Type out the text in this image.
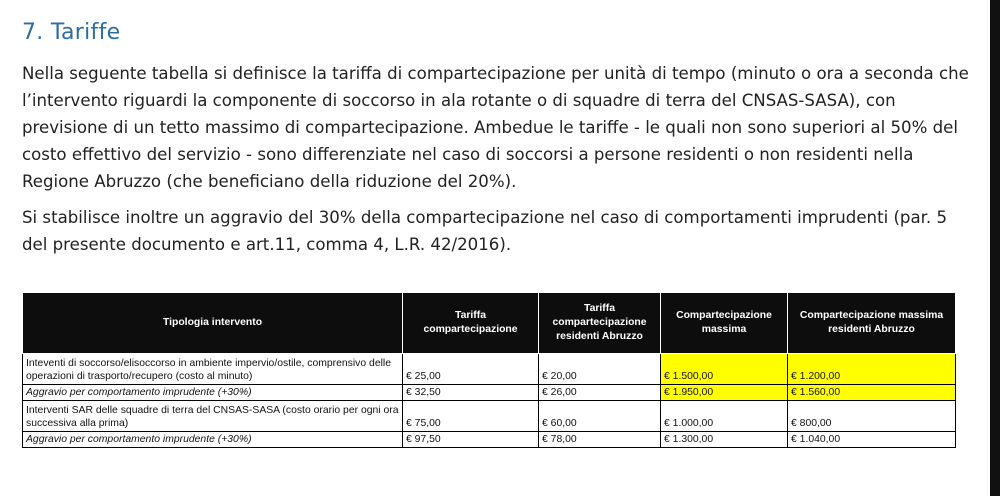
7. Tariffe
Nella seguente tabella si definisce la tariffa di compartecipazione per unità di tempo (minuto o ora a seconda che l’intervento riguardi la componente di soccorso in ala rotante o di squadre di terra del CNSAS-SASA), con previsione di un tetto massimo di compartecipazione. Ambedue le tariffe - le quali non sono superiori al 50% del costo effettivo del servizio - sono differenziate nel caso di soccorsi a persone residenti o non residenti nella Regione Abruzzo (che beneficiano della riduzione del 20%).
Si stabilisce inoltre un aggravio del 30% della compartecipazione nel caso di comportamenti imprudenti (par. 5 del presente documento e art.11, comma 4, L.R. 42/2016).
Tipologia intervento	Tariffa compartecipazione	Tariffa compartecipazione residenti Abruzzo	Compartecipazione massima	Compartecipazione massima residenti Abruzzo
Inteventi di soccorso/elisoccorso in ambiente impervio/ostile, comprensivo delle operazioni di trasporto/recupero (costo al minuto)	€ 25,00	€ 20,00	€ 1.500,00	€ 1.200,00
Aggravio per comportamento imprudente (+30%)	€ 32,50	€ 26,00	€ 1.950,00	€ 1.560,00
Interventi SAR delle squadre di terra del CNSAS-SASA (costo orario per ogni ora successiva alla prima)	€ 75,00	€ 60,00	€ 1.000,00	€ 800,00
Aggravio per comportamento imprudente (+30%)	€ 97,50	€ 78,00	€ 1.300,00	€ 1.040,00
